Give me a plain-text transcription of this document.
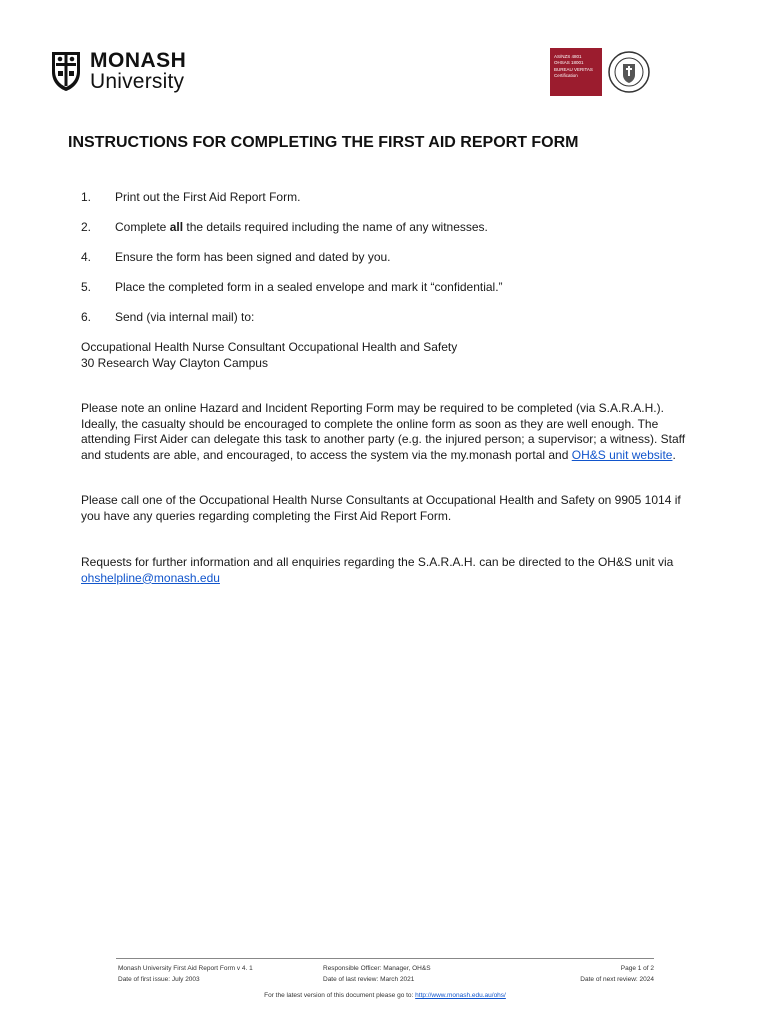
MONASH
University
AS/NZS 4801
OHSAS 18001
BUREAU VERITAS
Certification
INSTRUCTIONS FOR COMPLETING THE FIRST AID REPORT FORM
1. Print out the First Aid Report Form.
2. Complete all the details required including the name of any witnesses.
4. Ensure the form has been signed and dated by you.
5. Place the completed form in a sealed envelope and mark it “confidential.”
6. Send (via internal mail) to:
Occupational Health Nurse Consultant Occupational Health and Safety
30 Research Way Clayton Campus

Please note an online Hazard and Incident Reporting Form may be required to be completed (via S.A.R.A.H.). Ideally, the casualty should be encouraged to complete the online form as soon as they are well enough. The attending First Aider can delegate this task to another party (e.g. the injured person; a supervisor; a witness). Staff and students are able, and encouraged, to access the system via the my.monash portal and OH&S unit website.

Please call one of the Occupational Health Nurse Consultants at Occupational Health and Safety on 9905 1014 if you have any queries regarding completing the First Aid Report Form.

Requests for further information and all enquiries regarding the S.A.R.A.H. can be directed to the OH&S unit via ohshelpline@monash.edu

Monash University First Aid Report Form v 4. 1
Date of first issue: July 2003
Responsible Officer: Manager, OH&S
Date of last review: March 2021
Page 1 of 2
Date of next review: 2024
For the latest version of this document please go to: http://www.monash.edu.au/ohs/
